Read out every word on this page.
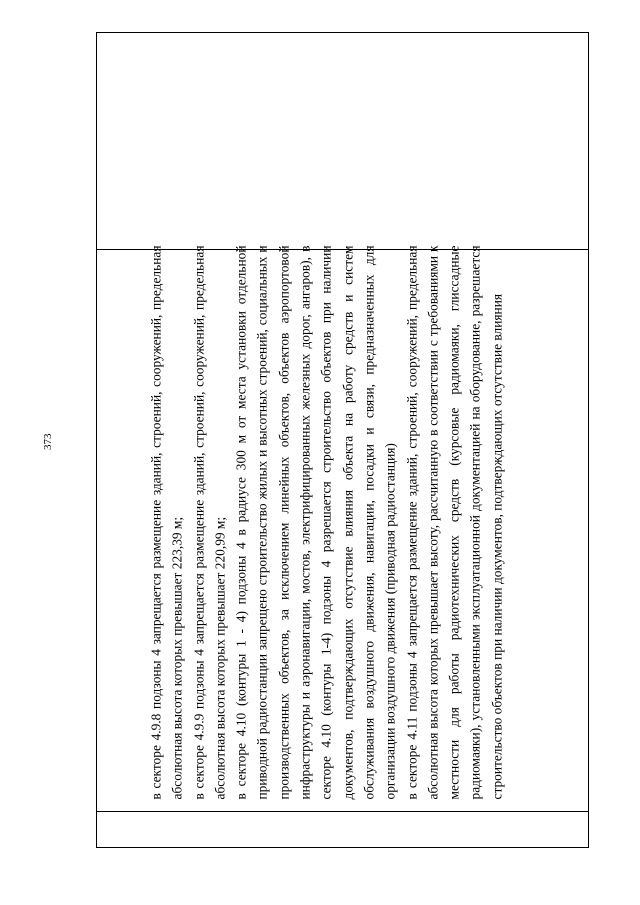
373	в секторе 4.9.8 подзоны 4 запрещается размещение зданий, строений, сооружений, предельная абсолютная высота которых превышает 223,39 м; в секторе 4.9.9 подзоны 4 запрещается размещение зданий, строений, сооружений, предельная абсолютная высота которых превышает 220,99 м; в секторе 4.10 (контуры 1 - 4) подзоны 4 в радиусе 300 м от места установки отдельной приводной радиостанции запрещено строительство жилых и высотных строений, социальных и производственных объектов, за исключением линейных объектов, объектов аэропортовой инфраструктуры и аэронавигации, мостов, электрифицированных железных дорог, ангаров), в секторе 4.10 (контуры 1-4) подзоны 4 разрешается строительство объектов при наличии документов, подтверждающих отсутствие влияния объекта на работу средств и систем обслуживания воздушного движения, навигации, посадки и связи, предназначенных для организации воздушного движения (приводная радиостанция) в секторе 4.11 подзоны 4 запрещается размещение зданий, строений, сооружений, предельная абсолютная высота которых превышает высоту, рассчитанную в соответствии с требованиями к местности для работы радиотехнических средств (курсовые радиомаяки, глиссадные радиомаяки), установленными эксплуатационной документацией на оборудование, разрешается строительство объектов при наличии документов, подтверждающих отсутствие влияния
